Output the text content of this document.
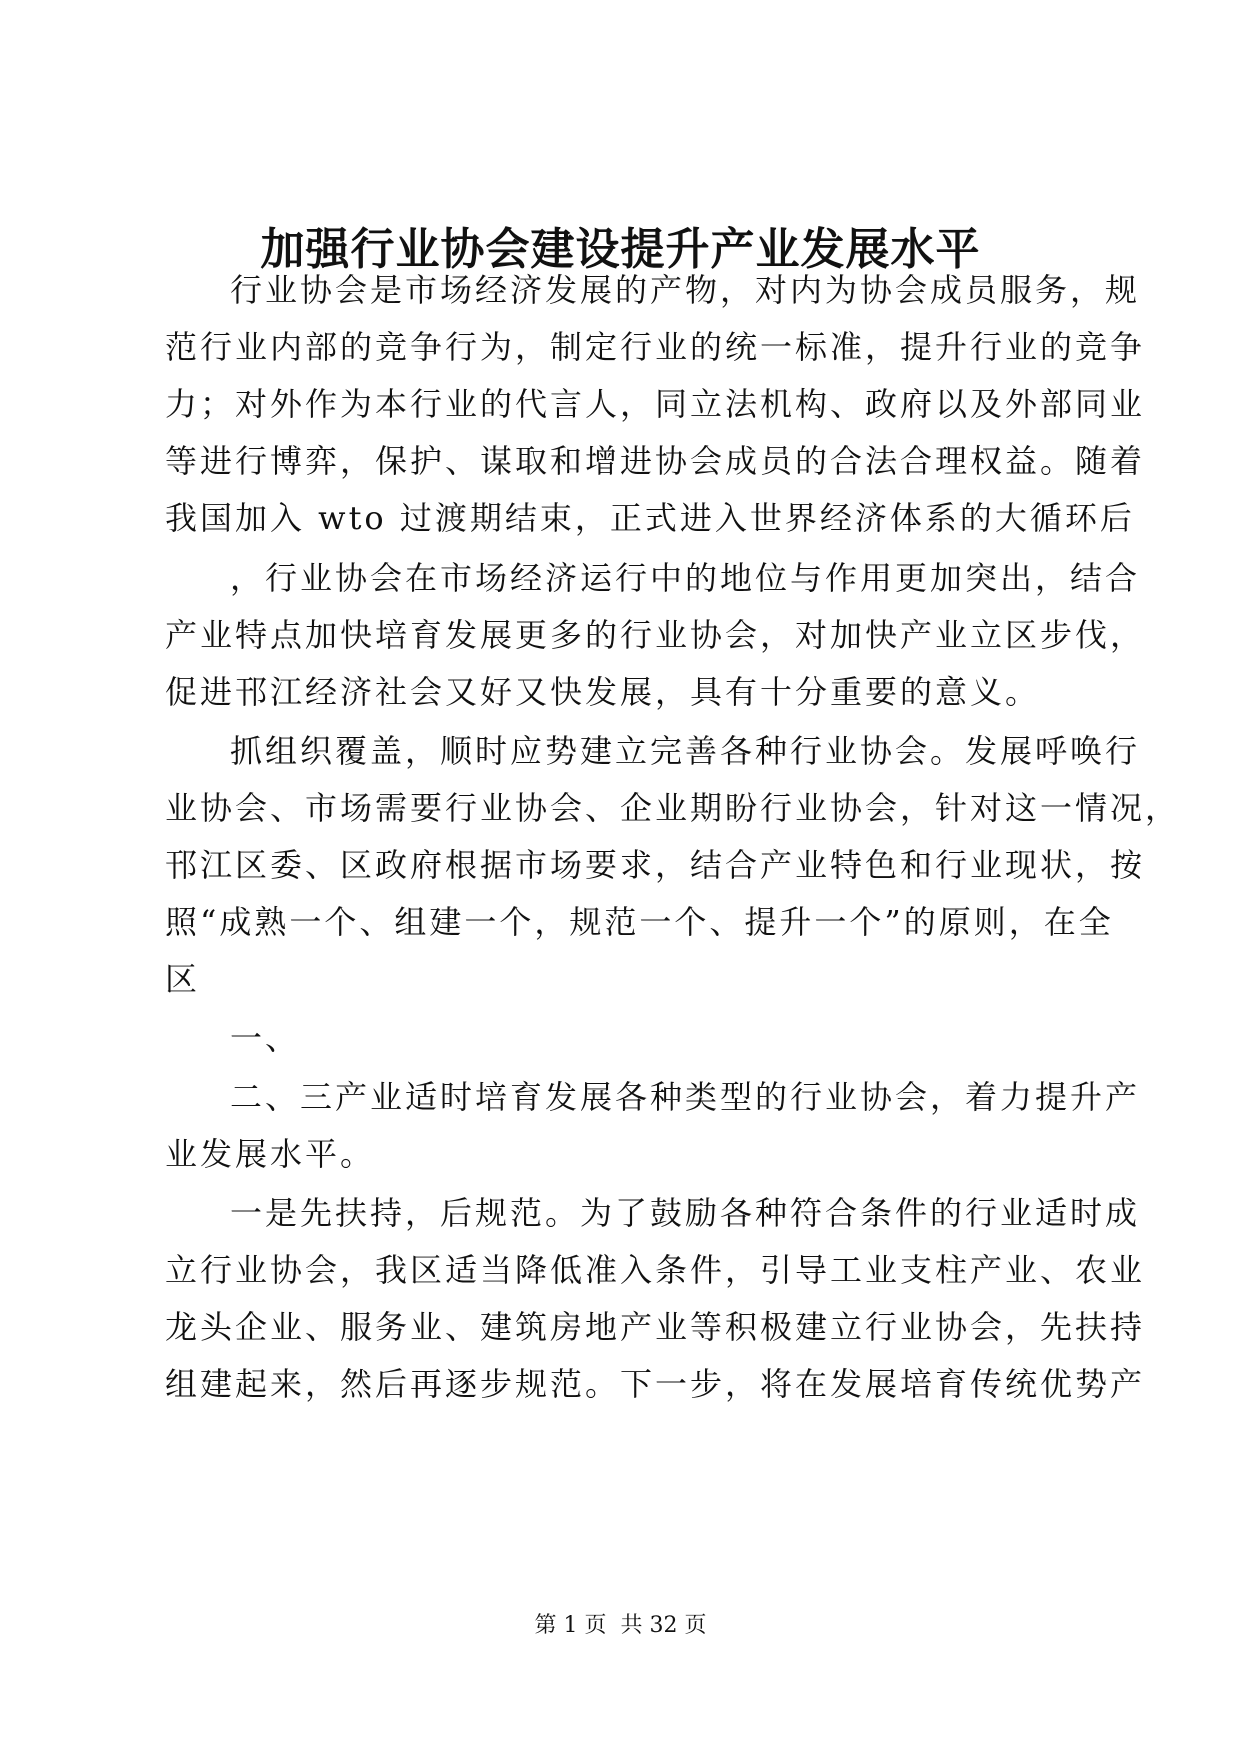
加强行业协会建设提升产业发展水平
行业协会是市场经济发展的产物，对内为协会成员服务，规
范行业内部的竞争行为，制定行业的统一标准，提升行业的竞争
力；对外作为本行业的代言人，同立法机构、政府以及外部同业
等进行博弈，保护、谋取和增进协会成员的合法合理权益。随着
我国加入 wto 过渡期结束，正式进入世界经济体系的大循环后
，行业协会在市场经济运行中的地位与作用更加突出，结合
产业特点加快培育发展更多的行业协会，对加快产业立区步伐，
促进邗江经济社会又好又快发展，具有十分重要的意义。
抓组织覆盖，顺时应势建立完善各种行业协会。发展呼唤行
业协会、市场需要行业协会、企业期盼行业协会，针对这一情况，
邗江区委、区政府根据市场要求，结合产业特色和行业现状，按
照“成熟一个、组建一个，规范一个、提升一个”的原则，在全
区
一、
二、三产业适时培育发展各种类型的行业协会，着力提升产
业发展水平。
一是先扶持，后规范。为了鼓励各种符合条件的行业适时成
立行业协会，我区适当降低准入条件，引导工业支柱产业、农业
龙头企业、服务业、建筑房地产业等积极建立行业协会，先扶持
组建起来，然后再逐步规范。下一步，将在发展培育传统优势产
第 1 页  共 32 页
